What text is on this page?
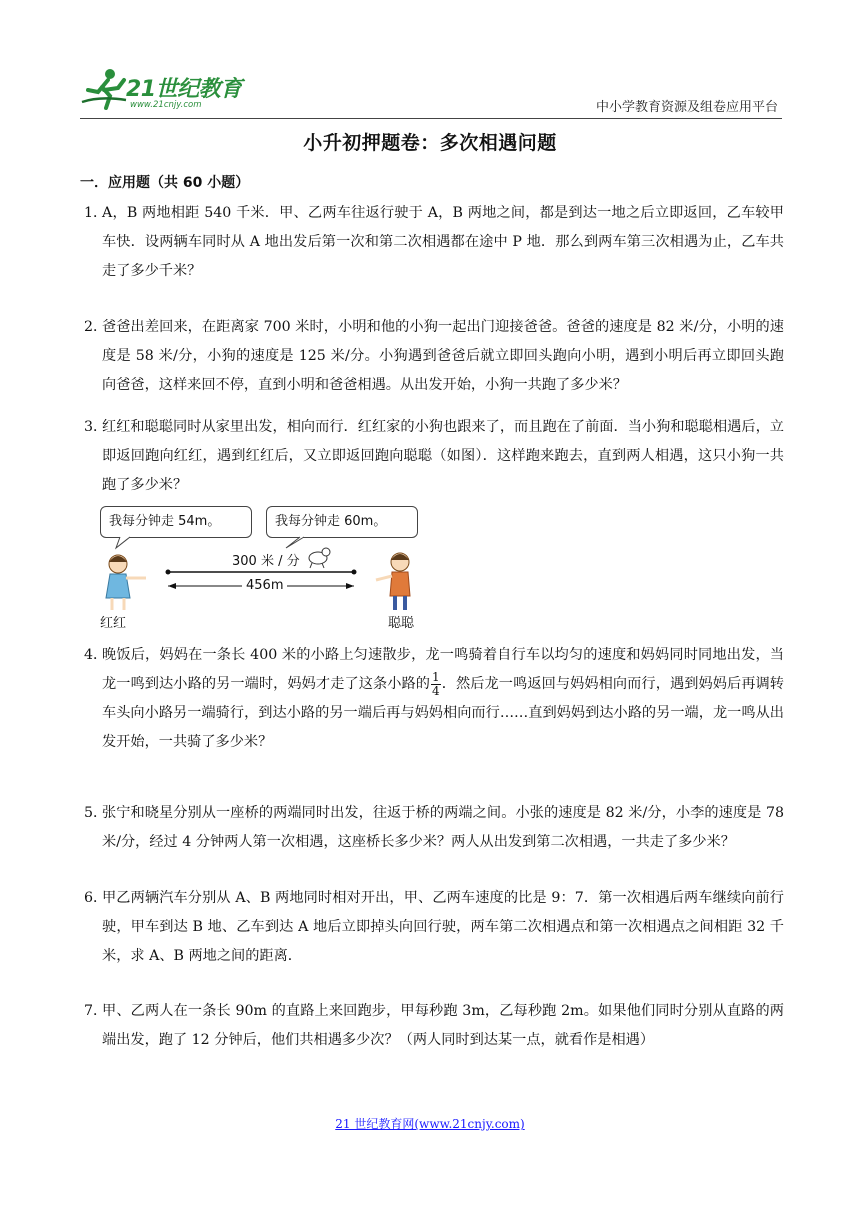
21世纪教育
www.21cnjy.com	中小学教育资源及组卷应用平台
小升初押题卷：多次相遇问题
一．应用题（共 60 小题）
1．
A，B 两地相距 540 千米．甲、乙两车往返行驶于 A，B 两地之间，都是到达一地之后立即返回，乙车较甲车快．设两辆车同时从 A 地出发后第一次和第二次相遇都在途中 P 地．那么到两车第三次相遇为止，乙车共走了多少千米？
2．
爸爸出差回来，在距离家 700 米时，小明和他的小狗一起出门迎接爸爸。爸爸的速度是 82 米/分，小明的速度是 58 米/分，小狗的速度是 125 米/分。小狗遇到爸爸后就立即回头跑向小明，遇到小明后再立即回头跑向爸爸，这样来回不停，直到小明和爸爸相遇。从出发开始，小狗一共跑了多少米？
3．
红红和聪聪同时从家里出发，相向而行．红红家的小狗也跟来了，而且跑在了前面．当小狗和聪聪相遇后，立即返回跑向红红，遇到红红后，又立即返回跑向聪聪（如图）．这样跑来跑去，直到两人相遇，这只小狗一共跑了多少米？
我每分钟走 54m。	我每分钟走 60m。
300 米 / 分
456m
红红	聪聪
4．
晚饭后，妈妈在一条长 400 米的小路上匀速散步，龙一鸣骑着自行车以均匀的速度和妈妈同时同地出发，当龙一鸣到达小路的另一端时，妈妈才走了这条小路的 $\frac{1}{4}$ ．然后龙一鸣返回与妈妈相向而行，遇到妈妈后再调转车头向小路另一端骑行，到达小路的另一端后再与妈妈相向而行……直到妈妈到达小路的另一端，龙一鸣从出发开始，一共骑了多少米？
5．
张宁和晓星分别从一座桥的两端同时出发，往返于桥的两端之间。小张的速度是 82 米/分，小李的速度是 78 米/分，经过 4 分钟两人第一次相遇，这座桥长多少米？两人从出发到第二次相遇，一共走了多少米？
6．
甲乙两辆汽车分别从 A、B 两地同时相对开出，甲、乙两车速度的比是 9：7．第一次相遇后两车继续向前行驶，甲车到达 B 地、乙车到达 A 地后立即掉头向回行驶，两车第二次相遇点和第一次相遇点之间相距 32 千米，求 A、B 两地之间的距离．
7．
甲、乙两人在一条长 90m 的直路上来回跑步，甲每秒跑 3m，乙每秒跑 2m。如果他们同时分别从直路的两端出发，跑了 12 分钟后，他们共相遇多少次？（两人同时到达某一点，就看作是相遇）
21 世纪教育网(www.21cnjy.com)
